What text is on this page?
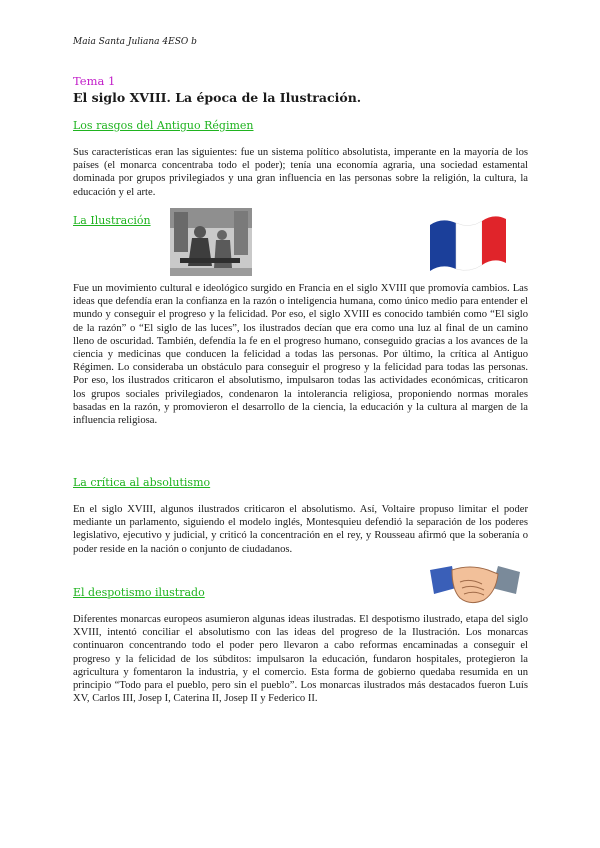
Maia Santa Juliana 4ESO b
Tema 1
El siglo XVIII. La época de la Ilustración.
Los rasgos del Antiguo Régimen

Sus características eran las siguientes: fue un sistema político absolutista, imperante en la mayoría de los países (el monarca concentraba todo el poder); tenía una economía agraria, una sociedad estamental dominada por grupos privilegiados y una gran influencia en las personas sobre la religión, la cultura, la educación y el arte.

La Ilustración

Fue un movimiento cultural e ideológico surgido en Francia en el siglo XVIII que promovía cambios. Las ideas que defendía eran la confianza en la razón o inteligencia humana, como único medio para entender el mundo y conseguir el progreso y la felicidad. Por eso, el siglo XVIII es conocido también como “El siglo de la razón” o “El siglo de las luces”, los ilustrados decían que era como una luz al final de un camino lleno de oscuridad. También, defendía la fe en el progreso humano, conseguido gracias a los avances de la ciencia y medicinas que conducen la felicidad a todas las personas. Por último, la crítica al Antiguo Régimen. Lo consideraba un obstáculo para conseguir el progreso y la felicidad para todas las personas. Por eso, los ilustrados criticaron el absolutismo, impulsaron todas las actividades económicas, criticaron los grupos sociales privilegiados, condenaron la intolerancia religiosa, proponiendo normas morales basadas en la razón, y promovieron el desarrollo de la ciencia, la educación y la cultura al margen de la influencia religiosa.

La crítica al absolutismo

En el siglo XVIII, algunos ilustrados criticaron el absolutismo. Así, Voltaire propuso limitar el poder mediante un parlamento, siguiendo el modelo inglés, Montesquieu defendió la separación de los poderes legislativo, ejecutivo y judicial, y criticó la concentración en el rey, y Rousseau afirmó que la soberanía o poder reside en la nación o conjunto de ciudadanos.

El despotismo ilustrado

Diferentes monarcas europeos asumieron algunas ideas ilustradas. El despotismo ilustrado, etapa del siglo XVIII, intentó conciliar el absolutismo con las ideas del progreso de la Ilustración. Los monarcas continuaron concentrando todo el poder pero llevaron a cabo reformas encaminadas a conseguir el progreso y la felicidad de los súbditos: impulsaron la educación, fundaron hospitales, protegieron la agricultura y fomentaron la industria, y el comercio. Esta forma de gobierno quedaba resumida en un principio “Todo para el pueblo, pero sin el pueblo”. Los monarcas ilustrados más destacados fueron Luís XV, Carlos III, Josep I, Caterina II, Josep II y Federico II.
